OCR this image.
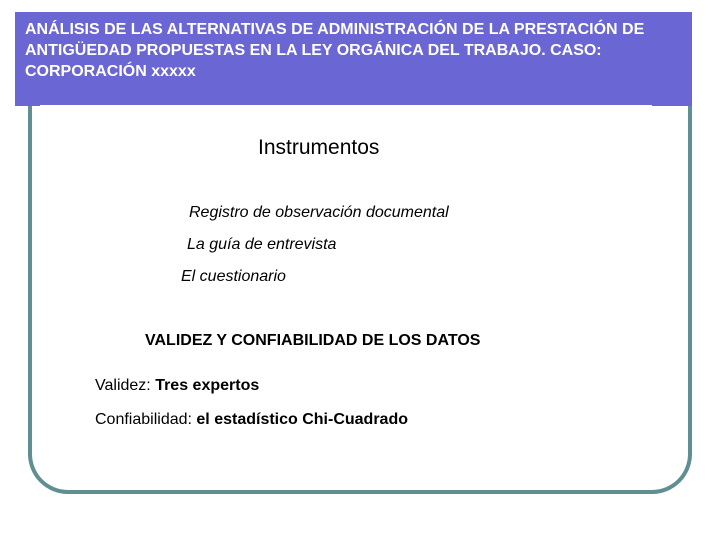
ANÁLISIS DE LAS ALTERNATIVAS DE ADMINISTRACIÓN DE LA PRESTACIÓN DE ANTIGÜEDAD PROPUESTAS EN LA LEY ORGÁNICA DEL TRABAJO. CASO: CORPORACIÓN xxxxx

Instrumentos

Registro de observación documental

La guía de entrevista

El cuestionario

VALIDEZ Y CONFIABILIDAD DE LOS DATOS

Validez: Tres expertos

Confiabilidad: el estadístico Chi-Cuadrado
